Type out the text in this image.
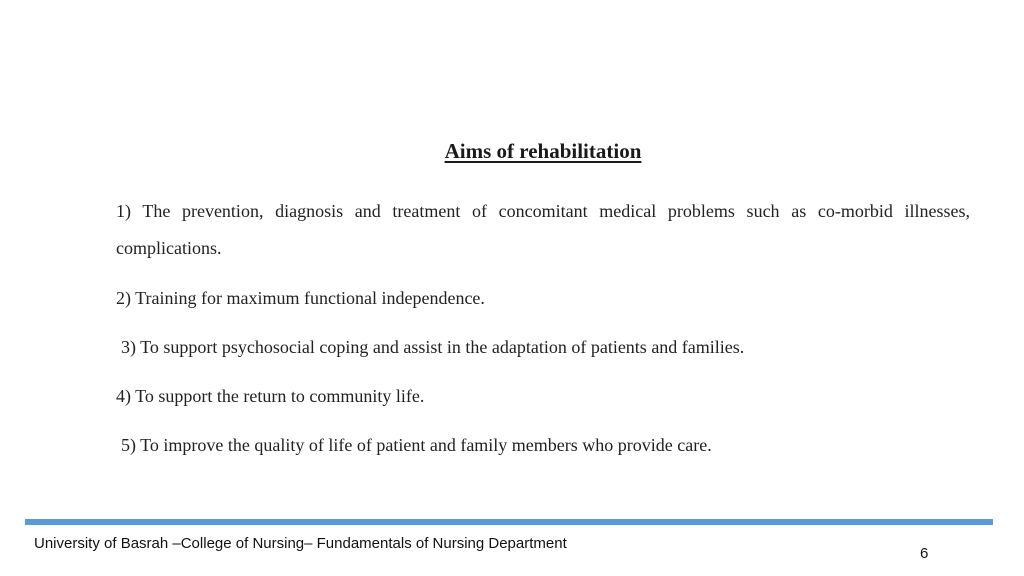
Aims of rehabilitation

1) The prevention, diagnosis and treatment of concomitant medical problems such as co-morbid illnesses, complications.

2) Training for maximum functional independence.

3) To support psychosocial coping and assist in the adaptation of patients and families.

4) To support the return to community life.

5) To improve the quality of life of patient and family members who provide care.

University of Basrah –College of Nursing– Fundamentals of Nursing Department
6
